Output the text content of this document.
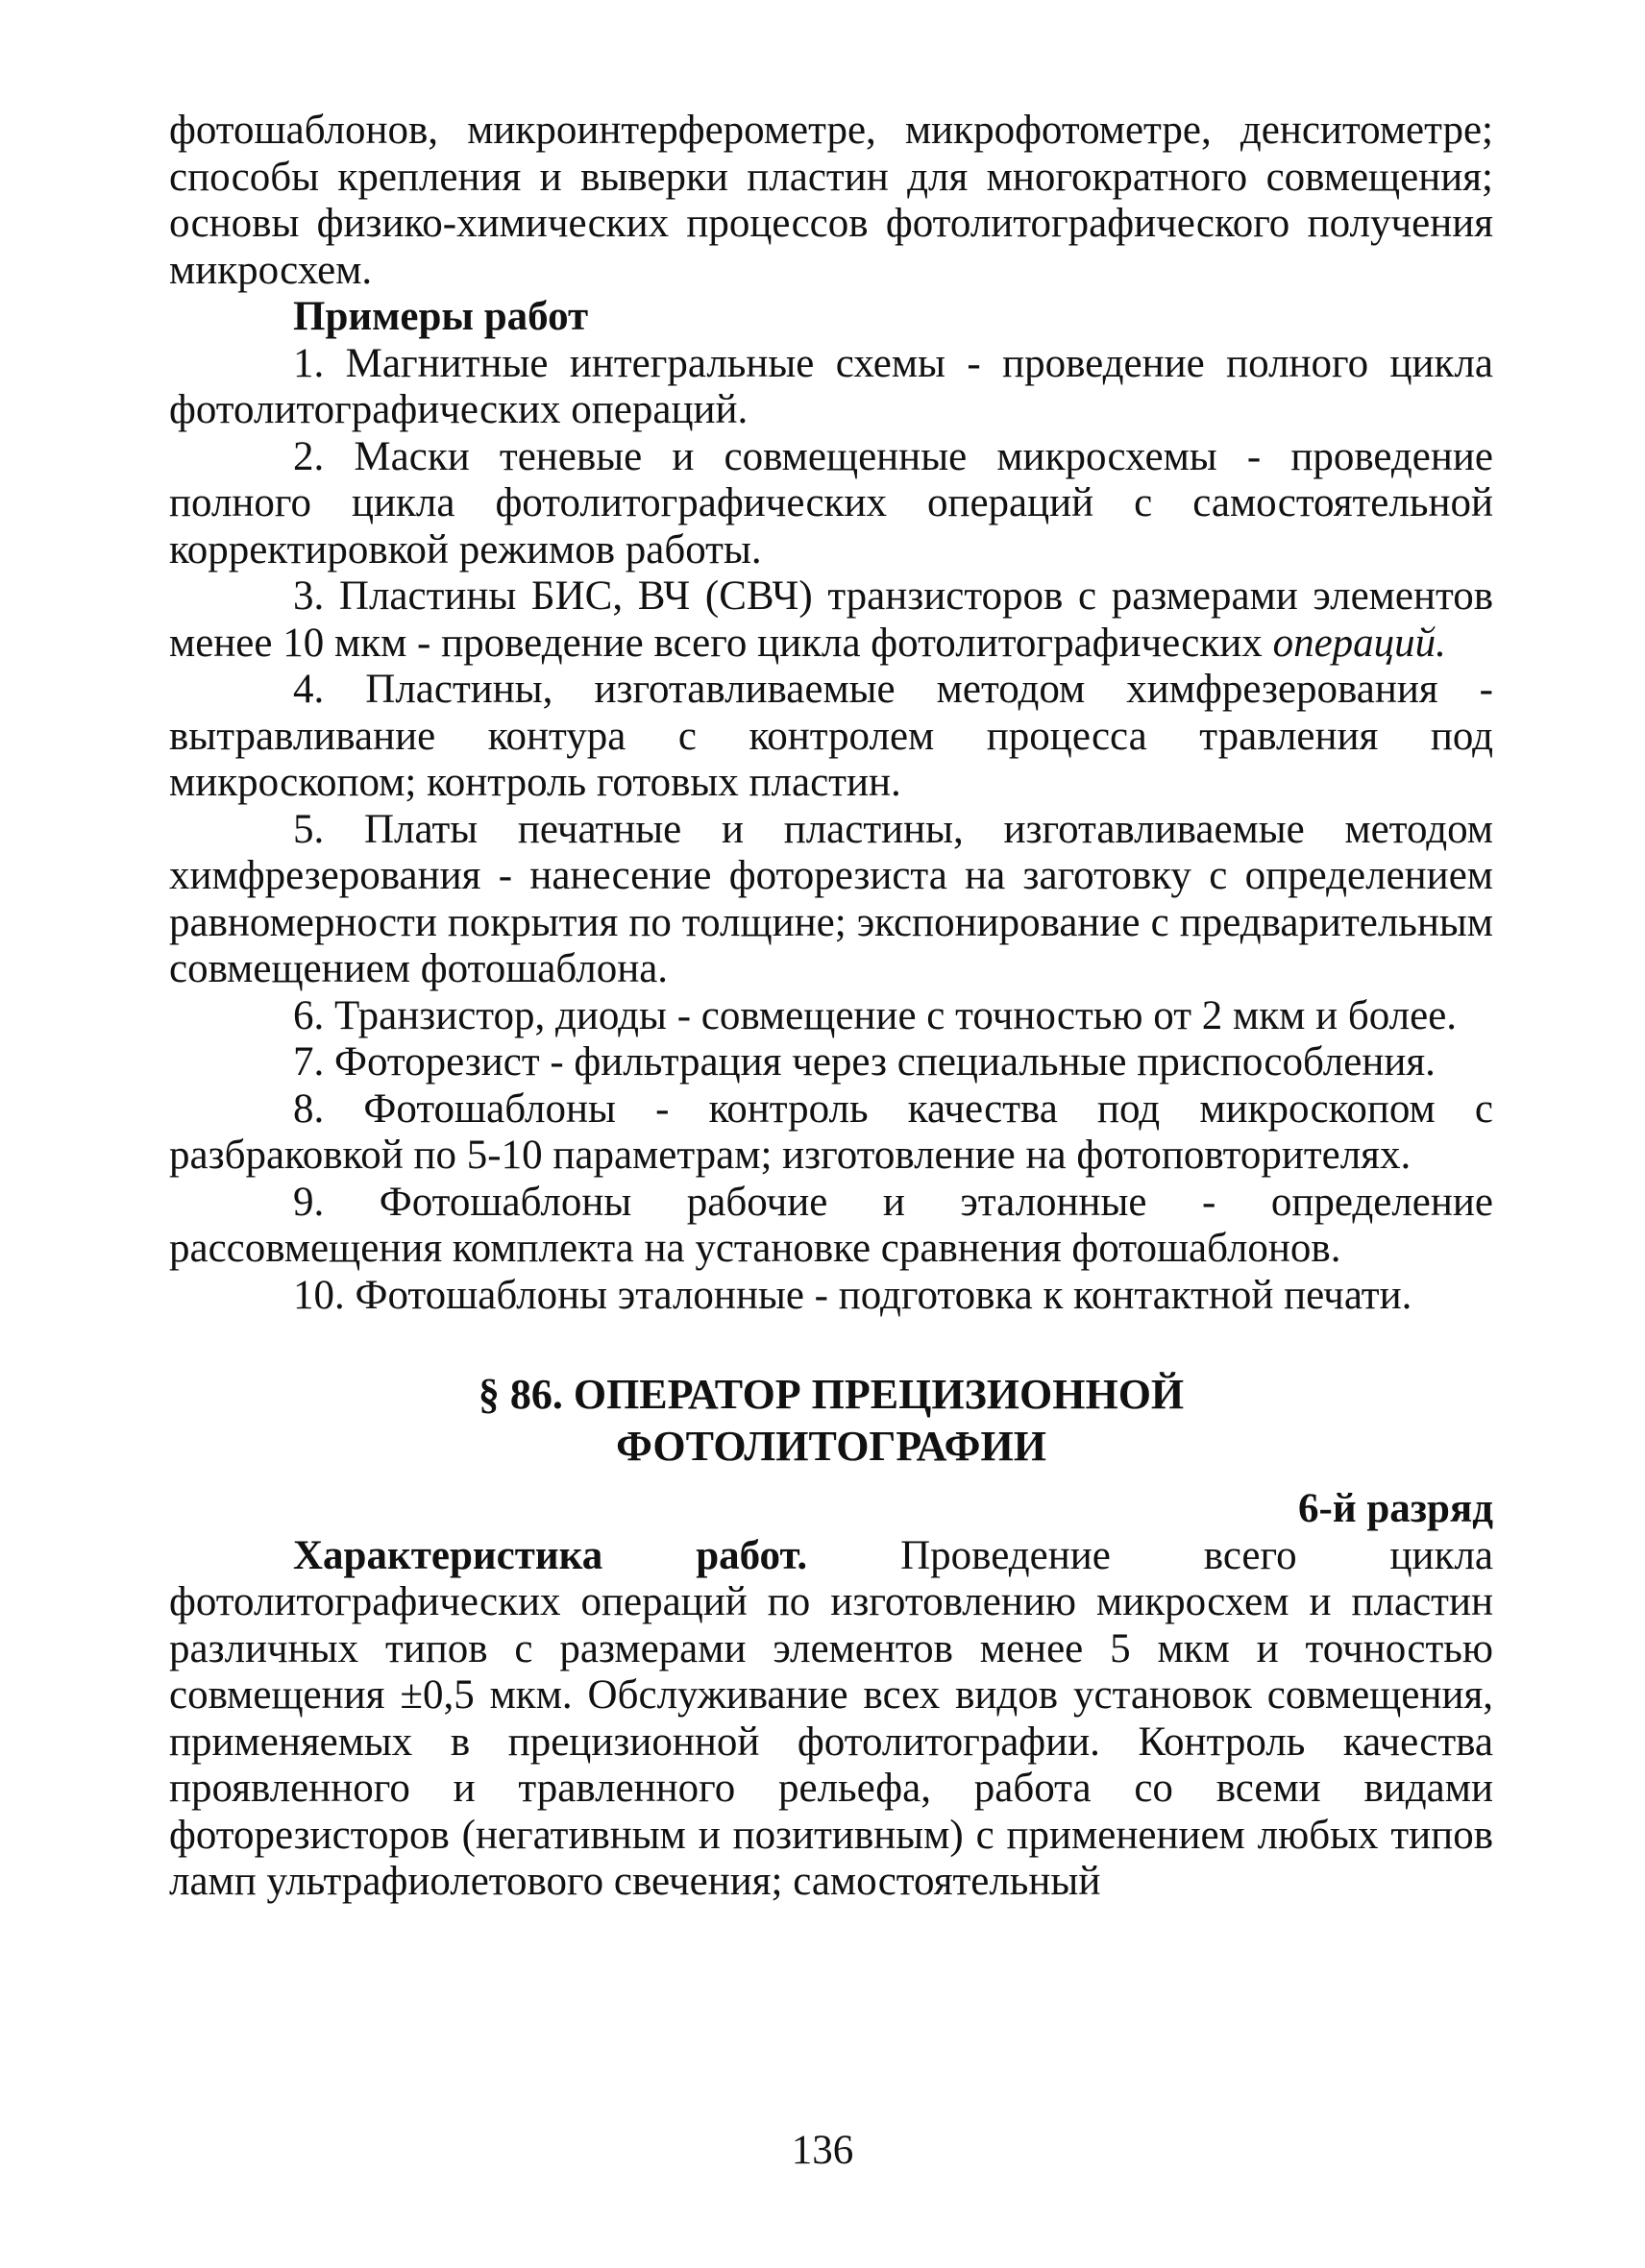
фотошаблонов, микроинтерферометре, микрофотометре, денситометре; способы крепления и выверки пластин для многократного совмещения; основы физико-химических процессов фотолитографического получения микросхем.

Примеры работ

1. Магнитные интегральные схемы - проведение полного цикла фотолитографических операций.

2. Маски теневые и совмещенные микросхемы - проведение полного цикла фотолитографических операций с самостоятельной корректировкой режимов работы.

3. Пластины БИС, ВЧ (СВЧ) транзисторов с размерами элементов менее 10 мкм - проведение всего цикла фотолитографических операций.

4. Пластины, изготавливаемые методом химфрезерования - вытравливание контура с контролем процесса травления под микроскопом; контроль готовых пластин.

5. Платы печатные и пластины, изготавливаемые методом химфрезерования - нанесение фоторезиста на заготовку с определением равномерности покрытия по толщине; экспонирование с предварительным совмещением фотошаблона.

6. Транзистор, диоды - совмещение с точностью от 2 мкм и более.

7. Фоторезист - фильтрация через специальные приспособления.

8. Фотошаблоны - контроль качества под микроскопом с разбраковкой по 5-10 параметрам; изготовление на фотоповторителях.

9. Фотошаблоны рабочие и эталонные - определение рассовмещения комплекта на установке сравнения фотошаблонов.

10. Фотошаблоны эталонные - подготовка к контактной печати.

§ 86. ОПЕРАТОР ПРЕЦИЗИОННОЙ
ФОТОЛИТОГРАФИИ

6-й разряд

Характеристика работ. Проведение всего цикла фотолитографических операций по изготовлению микросхем и пластин различных типов с размерами элементов менее 5 мкм и точностью совмещения ±0,5 мкм. Обслуживание всех видов установок совмещения, применяемых в прецизионной фотолитографии. Контроль качества проявленного и травленного рельефа, работа со всеми видами фоторезисторов (негативным и позитивным) с применением любых типов ламп ультрафиолетового свечения; самостоятельный

136
